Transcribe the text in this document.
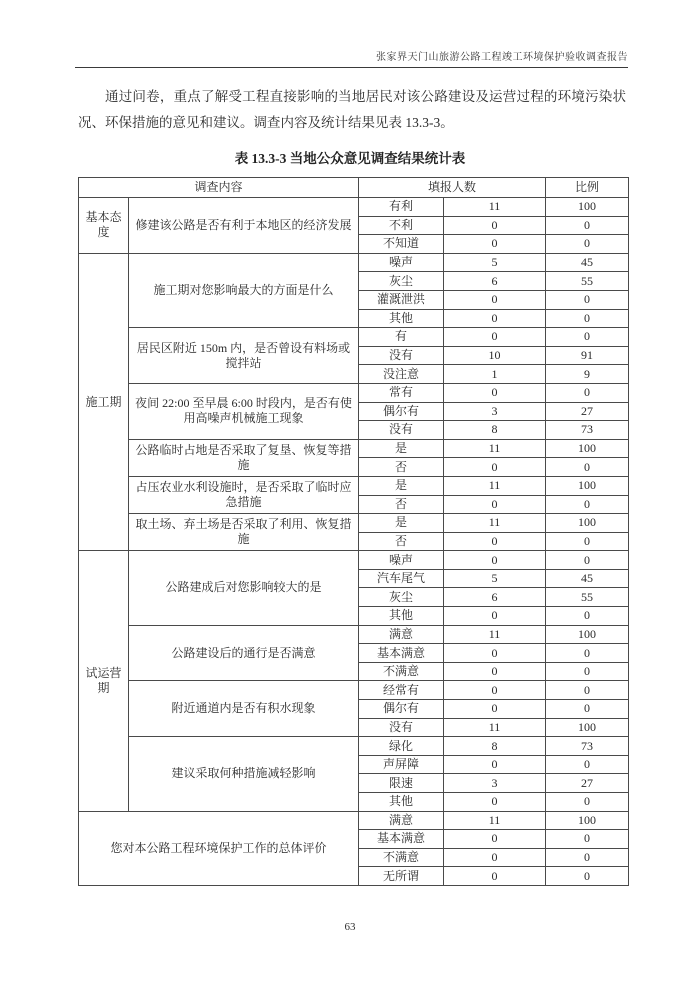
张家界天门山旅游公路工程竣工环境保护验收调查报告
通过问卷，重点了解受工程直接影响的当地居民对该公路建设及运营过程的环境污染状况、环保措施的意见和建议。调查内容及统计结果见表 13.3-3。
表 13.3-3 当地公众意见调查结果统计表
调查内容		填报人数		比例
基本态度	修建该公路是否有利于本地区的经济发展	有利	11	100
		不利	0	0
		不知道	0	0
施工期	施工期对您影响最大的方面是什么	噪声	5	45
		灰尘	6	55
		灌溉泄洪	0	0
		其他	0	0
	居民区附近 150m 内，是否曾设有料场或搅拌站	有	0	0
		没有	10	91
		没注意	1	9
	夜间 22:00 至早晨 6:00 时段内，是否有使用高噪声机械施工现象	常有	0	0
		偶尔有	3	27
		没有	8	73
	公路临时占地是否采取了复垦、恢复等措施	是	11	100
		否	0	0
	占压农业水利设施时，是否采取了临时应急措施	是	11	100
		否	0	0
	取土场、弃土场是否采取了利用、恢复措施	是	11	100
		否	0	0
试运营期	公路建成后对您影响较大的是	噪声	0	0
		汽车尾气	5	45
		灰尘	6	55
		其他	0	0
	公路建设后的通行是否满意	满意	11	100
		基本满意	0	0
		不满意	0	0
	附近通道内是否有积水现象	经常有	0	0
		偶尔有	0	0
		没有	11	100
	建议采取何种措施减轻影响	绿化	8	73
		声屏障	0	0
		限速	3	27
		其他	0	0
您对本公路工程环境保护工作的总体评价		满意	11	100
		基本满意	0	0
		不满意	0	0
		无所谓	0	0
63
